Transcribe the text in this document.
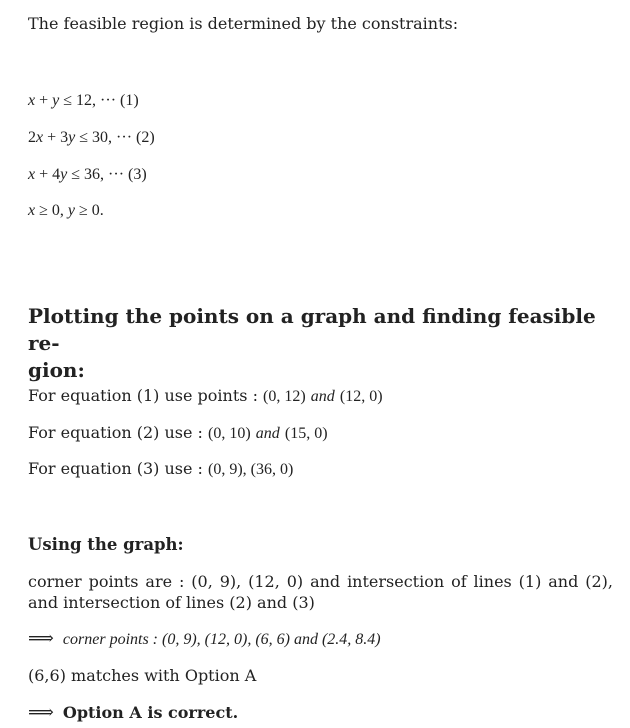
The feasible region is determined by the constraints:
x + y ≤ 12, ··· (1)
2x + 3y ≤ 30, ··· (2)
x + 4y ≤ 36, ··· (3)
x ≥ 0, y ≥ 0.
Plotting the points on a graph and finding feasible re-
gion:
For equation (1) use points : (0, 12) and (12, 0)
For equation (2) use : (0, 10) and (15, 0)
For equation (3) use : (0, 9), (36, 0)
Using the graph:
corner points are : (0, 9), (12, 0) and intersection of lines (1) and (2), and intersection of lines (2) and (3)
⟹ corner points : (0, 9), (12, 0), (6, 6) and (2.4, 8.4)
(6,6) matches with Option A
⟹ Option A is correct.
